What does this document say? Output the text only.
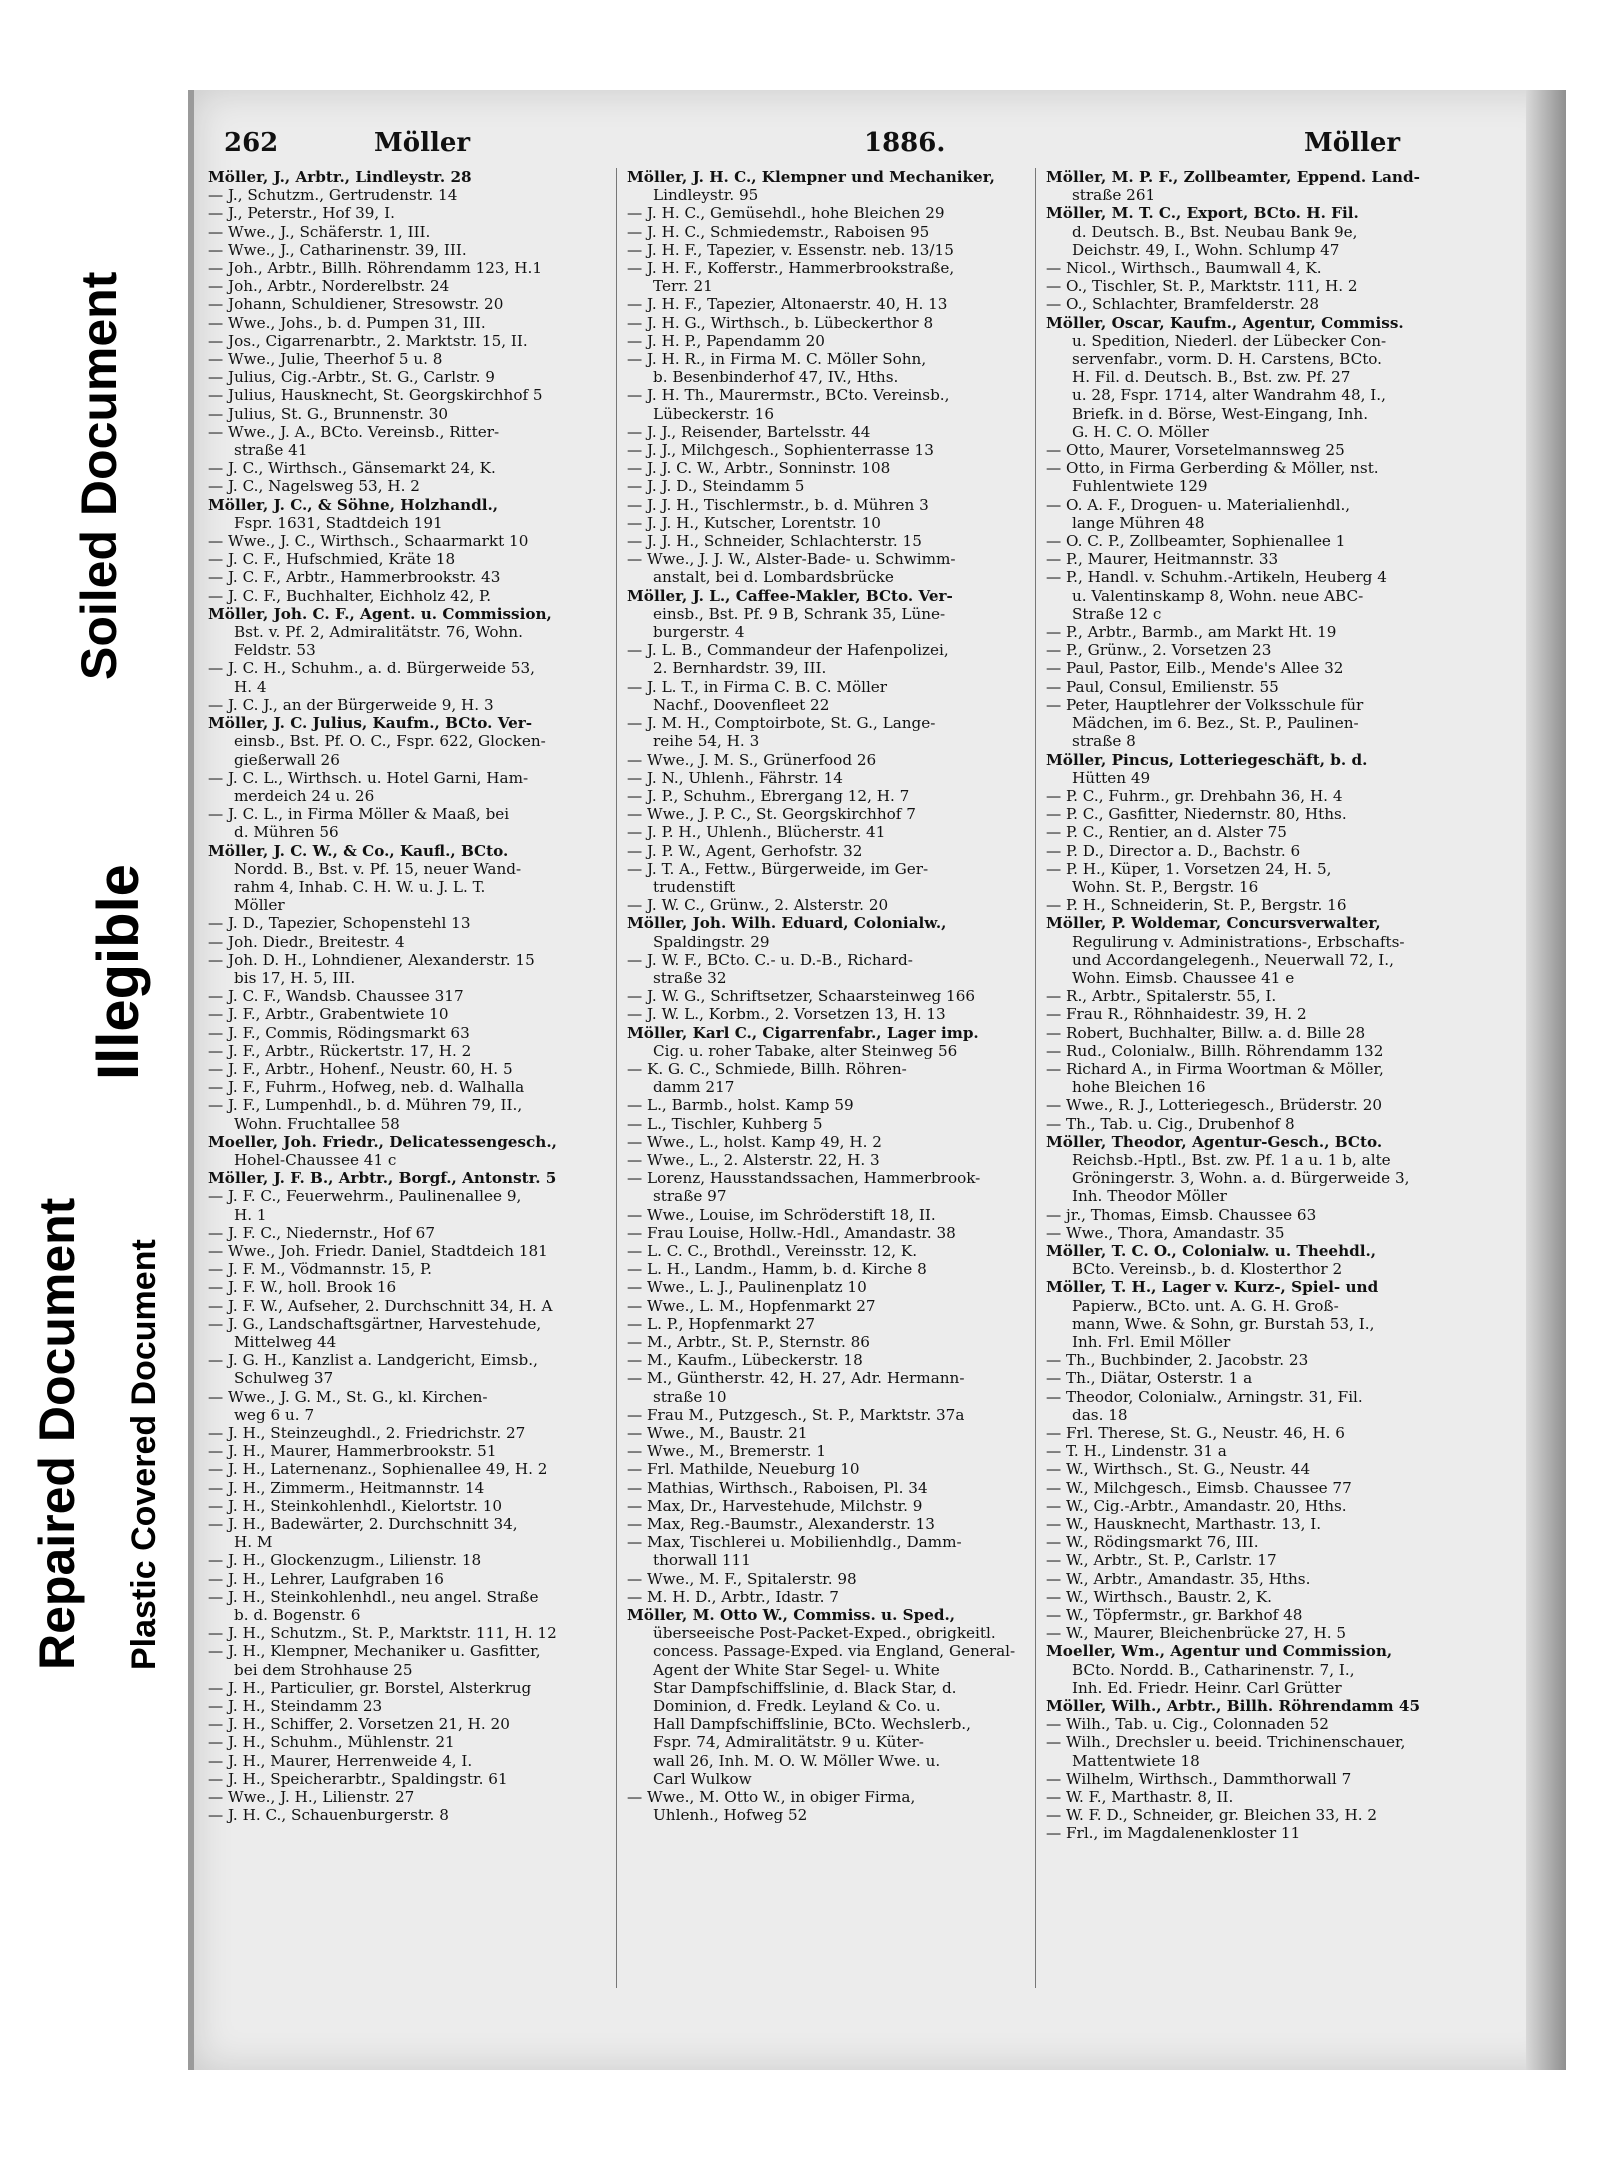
Soiled Document
Illegible
Repaired Document Plastic Covered Document
262	Möller	1886.	Möller
Möller, J., Arbtr., Lindleystr. 28
— J., Schutzm., Gertrudenstr. 14
— J., Peterstr., Hof 39, I.
— Wwe., J., Schäferstr. 1, III.
— Wwe., J., Catharinenstr. 39, III.
— Joh., Arbtr., Billh. Röhrendamm 123, H.1
— Joh., Arbtr., Norderelbstr. 24
— Johann, Schuldiener, Stresowstr. 20
— Wwe., Johs., b. d. Pumpen 31, III.
— Jos., Cigarrenarbtr., 2. Marktstr. 15, II.
— Wwe., Julie, Theerhof 5 u. 8
— Julius, Cig.-Arbtr., St. G., Carlstr. 9
— Julius, Hausknecht, St. Georgskirchhof 5
— Julius, St. G., Brunnenstr. 30
— Wwe., J. A., BCto. Vereinsb., Ritter-
straße 41
— J. C., Wirthsch., Gänsemarkt 24, K.
— J. C., Nagelsweg 53, H. 2
Möller, J. C., & Söhne, Holzhandl.,
Fspr. 1631, Stadtdeich 191
— Wwe., J. C., Wirthsch., Schaarmarkt 10
— J. C. F., Hufschmied, Kräte 18
— J. C. F., Arbtr., Hammerbrookstr. 43
— J. C. F., Buchhalter, Eichholz 42, P.
Möller, Joh. C. F., Agent. u. Commission,
Bst. v. Pf. 2, Admiralitätstr. 76, Wohn.
Feldstr. 53
— J. C. H., Schuhm., a. d. Bürgerweide 53,
H. 4
— J. C. J., an der Bürgerweide 9, H. 3
Möller, J. C. Julius, Kaufm., BCto. Ver-
einsb., Bst. Pf. O. C., Fspr. 622, Glocken-
gießerwall 26
— J. C. L., Wirthsch. u. Hotel Garni, Ham-
merdeich 24 u. 26
— J. C. L., in Firma Möller & Maaß, bei
d. Mühren 56
Möller, J. C. W., & Co., Kaufl., BCto.
Nordd. B., Bst. v. Pf. 15, neuer Wand-
rahm 4, Inhab. C. H. W. u. J. L. T.
Möller
— J. D., Tapezier, Schopenstehl 13
— Joh. Diedr., Breitestr. 4
— Joh. D. H., Lohndiener, Alexanderstr. 15
bis 17, H. 5, III.
— J. C. F., Wandsb. Chaussee 317
— J. F., Arbtr., Grabentwiete 10
— J. F., Commis, Rödingsmarkt 63
— J. F., Arbtr., Rückertstr. 17, H. 2
— J. F., Arbtr., Hohenf., Neustr. 60, H. 5
— J. F., Fuhrm., Hofweg, neb. d. Walhalla
— J. F., Lumpenhdl., b. d. Mühren 79, II.,
Wohn. Fruchtallee 58
Moeller, Joh. Friedr., Delicatessengesch.,
Hohel-Chaussee 41 c
Möller, J. F. B., Arbtr., Borgf., Antonstr. 5
— J. F. C., Feuerwehrm., Paulinenallee 9,
H. 1
— J. F. C., Niedernstr., Hof 67
— Wwe., Joh. Friedr. Daniel, Stadtdeich 181
— J. F. M., Vödmannstr. 15, P.
— J. F. W., holl. Brook 16
— J. F. W., Aufseher, 2. Durchschnitt 34, H. A
— J. G., Landschaftsgärtner, Harvestehude,
Mittelweg 44
— J. G. H., Kanzlist a. Landgericht, Eimsb.,
Schulweg 37
— Wwe., J. G. M., St. G., kl. Kirchen-
weg 6 u. 7
— J. H., Steinzeughdl., 2. Friedrichstr. 27
— J. H., Maurer, Hammerbrookstr. 51
— J. H., Laternenanz., Sophienallee 49, H. 2
— J. H., Zimmerm., Heitmannstr. 14
— J. H., Steinkohlenhdl., Kielortstr. 10
— J. H., Badewärter, 2. Durchschnitt 34,
H. M
— J. H., Glockenzugm., Lilienstr. 18
— J. H., Lehrer, Laufgraben 16
— J. H., Steinkohlenhdl., neu angel. Straße
b. d. Bogenstr. 6
— J. H., Schutzm., St. P., Marktstr. 111, H. 12
— J. H., Klempner, Mechaniker u. Gasfitter,
bei dem Strohhause 25
— J. H., Particulier, gr. Borstel, Alsterkrug
— J. H., Steindamm 23
— J. H., Schiffer, 2. Vorsetzen 21, H. 20
— J. H., Schuhm., Mühlenstr. 21
— J. H., Maurer, Herrenweide 4, I.
— J. H., Speicherarbtr., Spaldingstr. 61
— Wwe., J. H., Lilienstr. 27
— J. H. C., Schauenburgerstr. 8
Möller, J. H. C., Klempner und Mechaniker,
Lindleystr. 95
— J. H. C., Gemüsehdl., hohe Bleichen 29
— J. H. C., Schmiedemstr., Raboisen 95
— J. H. F., Tapezier, v. Essenstr. neb. 13/15
— J. H. F., Kofferstr., Hammerbrookstraße,
Terr. 21
— J. H. F., Tapezier, Altonaerstr. 40, H. 13
— J. H. G., Wirthsch., b. Lübeckerthor 8
— J. H. P., Papendamm 20
— J. H. R., in Firma M. C. Möller Sohn,
b. Besenbinderhof 47, IV., Hths.
— J. H. Th., Maurermstr., BCto. Vereinsb.,
Lübeckerstr. 16
— J. J., Reisender, Bartelsstr. 44
— J. J., Milchgesch., Sophienterrasse 13
— J. J. C. W., Arbtr., Sonninstr. 108
— J. J. D., Steindamm 5
— J. J. H., Tischlermstr., b. d. Mühren 3
— J. J. H., Kutscher, Lorentstr. 10
— J. J. H., Schneider, Schlachterstr. 15
— Wwe., J. J. W., Alster-Bade- u. Schwimm-
anstalt, bei d. Lombardsbrücke
Möller, J. L., Caffee-Makler, BCto. Ver-
einsb., Bst. Pf. 9 B, Schrank 35, Lüne-
burgerstr. 4
— J. L. B., Commandeur der Hafenpolizei,
2. Bernhardstr. 39, III.
— J. L. T., in Firma C. B. C. Möller
Nachf., Doovenfleet 22
— J. M. H., Comptoirbote, St. G., Lange-
reihe 54, H. 3
— Wwe., J. M. S., Grünerfood 26
— J. N., Uhlenh., Fährstr. 14
— J. P., Schuhm., Ebrergang 12, H. 7
— Wwe., J. P. C., St. Georgskirchhof 7
— J. P. H., Uhlenh., Blücherstr. 41
— J. P. W., Agent, Gerhofstr. 32
— J. T. A., Fettw., Bürgerweide, im Ger-
trudenstift
— J. W. C., Grünw., 2. Alsterstr. 20
Möller, Joh. Wilh. Eduard, Colonialw.,
Spaldingstr. 29
— J. W. F., BCto. C.- u. D.-B., Richard-
straße 32
— J. W. G., Schriftsetzer, Schaarsteinweg 166
— J. W. L., Korbm., 2. Vorsetzen 13, H. 13
Möller, Karl C., Cigarrenfabr., Lager imp.
Cig. u. roher Tabake, alter Steinweg 56
— K. G. C., Schmiede, Billh. Röhren-
damm 217
— L., Barmb., holst. Kamp 59
— L., Tischler, Kuhberg 5
— Wwe., L., holst. Kamp 49, H. 2
— Wwe., L., 2. Alsterstr. 22, H. 3
— Lorenz, Hausstandssachen, Hammerbrook-
straße 97
— Wwe., Louise, im Schröderstift 18, II.
— Frau Louise, Hollw.-Hdl., Amandastr. 38
— L. C. C., Brothdl., Vereinsstr. 12, K.
— L. H., Landm., Hamm, b. d. Kirche 8
— Wwe., L. J., Paulinenplatz 10
— Wwe., L. M., Hopfenmarkt 27
— L. P., Hopfenmarkt 27
— M., Arbtr., St. P., Sternstr. 86
— M., Kaufm., Lübeckerstr. 18
— M., Güntherstr. 42, H. 27, Adr. Hermann-
straße 10
— Frau M., Putzgesch., St. P., Marktstr. 37a
— Wwe., M., Baustr. 21
— Wwe., M., Bremerstr. 1
— Frl. Mathilde, Neueburg 10
— Mathias, Wirthsch., Raboisen, Pl. 34
— Max, Dr., Harvestehude, Milchstr. 9
— Max, Reg.-Baumstr., Alexanderstr. 13
— Max, Tischlerei u. Mobilienhdlg., Damm-
thorwall 111
— Wwe., M. F., Spitalerstr. 98
— M. H. D., Arbtr., Idastr. 7
Möller, M. Otto W., Commiss. u. Sped.,
überseeische Post-Packet-Exped., obrigkeitl.
concess. Passage-Exped. via England, General-
Agent der White Star Segel- u. White
Star Dampfschiffslinie, d. Black Star, d.
Dominion, d. Fredk. Leyland & Co. u.
Hall Dampfschiffslinie, BCto. Wechslerb.,
Fspr. 74, Admiralitätstr. 9 u. Küter-
wall 26, Inh. M. O. W. Möller Wwe. u.
Carl Wulkow
— Wwe., M. Otto W., in obiger Firma,
Uhlenh., Hofweg 52
Möller, M. P. F., Zollbeamter, Eppend. Land-
straße 261
Möller, M. T. C., Export, BCto. H. Fil.
d. Deutsch. B., Bst. Neubau Bank 9e,
Deichstr. 49, I., Wohn. Schlump 47
— Nicol., Wirthsch., Baumwall 4, K.
— O., Tischler, St. P., Marktstr. 111, H. 2
— O., Schlachter, Bramfelderstr. 28
Möller, Oscar, Kaufm., Agentur, Commiss.
u. Spedition, Niederl. der Lübecker Con-
servenfabr., vorm. D. H. Carstens, BCto.
H. Fil. d. Deutsch. B., Bst. zw. Pf. 27
u. 28, Fspr. 1714, alter Wandrahm 48, I.,
Briefk. in d. Börse, West-Eingang, Inh.
G. H. C. O. Möller
— Otto, Maurer, Vorsetelmannsweg 25
— Otto, in Firma Gerberding & Möller, nst.
Fuhlentwiete 129
— O. A. F., Droguen- u. Materialienhdl.,
lange Mühren 48
— O. C. P., Zollbeamter, Sophienallee 1
— P., Maurer, Heitmannstr. 33
— P., Handl. v. Schuhm.-Artikeln, Heuberg 4
u. Valentinskamp 8, Wohn. neue ABC-
Straße 12 c
— P., Arbtr., Barmb., am Markt Ht. 19
— P., Grünw., 2. Vorsetzen 23
— Paul, Pastor, Eilb., Mende's Allee 32
— Paul, Consul, Emilienstr. 55
— Peter, Hauptlehrer der Volksschule für
Mädchen, im 6. Bez., St. P., Paulinen-
straße 8
Möller, Pincus, Lotteriegeschäft, b. d.
Hütten 49
— P. C., Fuhrm., gr. Drehbahn 36, H. 4
— P. C., Gasfitter, Niedernstr. 80, Hths.
— P. C., Rentier, an d. Alster 75
— P. D., Director a. D., Bachstr. 6
— P. H., Küper, 1. Vorsetzen 24, H. 5,
Wohn. St. P., Bergstr. 16
— P. H., Schneiderin, St. P., Bergstr. 16
Möller, P. Woldemar, Concursverwalter,
Regulirung v. Administrations-, Erbschafts-
und Accordangelegenh., Neuerwall 72, I.,
Wohn. Eimsb. Chaussee 41 e
— R., Arbtr., Spitalerstr. 55, I.
— Frau R., Röhnhaidestr. 39, H. 2
— Robert, Buchhalter, Billw. a. d. Bille 28
— Rud., Colonialw., Billh. Röhrendamm 132
— Richard A., in Firma Woortman & Möller,
hohe Bleichen 16
— Wwe., R. J., Lotteriegesch., Brüderstr. 20
— Th., Tab. u. Cig., Drubenhof 8
Möller, Theodor, Agentur-Gesch., BCto.
Reichsb.-Hptl., Bst. zw. Pf. 1 a u. 1 b, alte
Gröningerstr. 3, Wohn. a. d. Bürgerweide 3,
Inh. Theodor Möller
— jr., Thomas, Eimsb. Chaussee 63
— Wwe., Thora, Amandastr. 35
Möller, T. C. O., Colonialw. u. Theehdl.,
BCto. Vereinsb., b. d. Klosterthor 2
Möller, T. H., Lager v. Kurz-, Spiel- und
Papierw., BCto. unt. A. G. H. Groß-
mann, Wwe. & Sohn, gr. Burstah 53, I.,
Inh. Frl. Emil Möller
— Th., Buchbinder, 2. Jacobstr. 23
— Th., Diätar, Osterstr. 1 a
— Theodor, Colonialw., Arningstr. 31, Fil.
das. 18
— Frl. Therese, St. G., Neustr. 46, H. 6
— T. H., Lindenstr. 31 a
— W., Wirthsch., St. G., Neustr. 44
— W., Milchgesch., Eimsb. Chaussee 77
— W., Cig.-Arbtr., Amandastr. 20, Hths.
— W., Hausknecht, Marthastr. 13, I.
— W., Rödingsmarkt 76, III.
— W., Arbtr., St. P., Carlstr. 17
— W., Arbtr., Amandastr. 35, Hths.
— W., Wirthsch., Baustr. 2, K.
— W., Töpfermstr., gr. Barkhof 48
— W., Maurer, Bleichenbrücke 27, H. 5
Moeller, Wm., Agentur und Commission,
BCto. Nordd. B., Catharinenstr. 7, I.,
Inh. Ed. Friedr. Heinr. Carl Grütter
Möller, Wilh., Arbtr., Billh. Röhrendamm 45
— Wilh., Tab. u. Cig., Colonnaden 52
— Wilh., Drechsler u. beeid. Trichinenschauer,
Mattentwiete 18
— Wilhelm, Wirthsch., Dammthorwall 7
— W. F., Marthastr. 8, II.
— W. F. D., Schneider, gr. Bleichen 33, H. 2
— Frl., im Magdalenenkloster 11
